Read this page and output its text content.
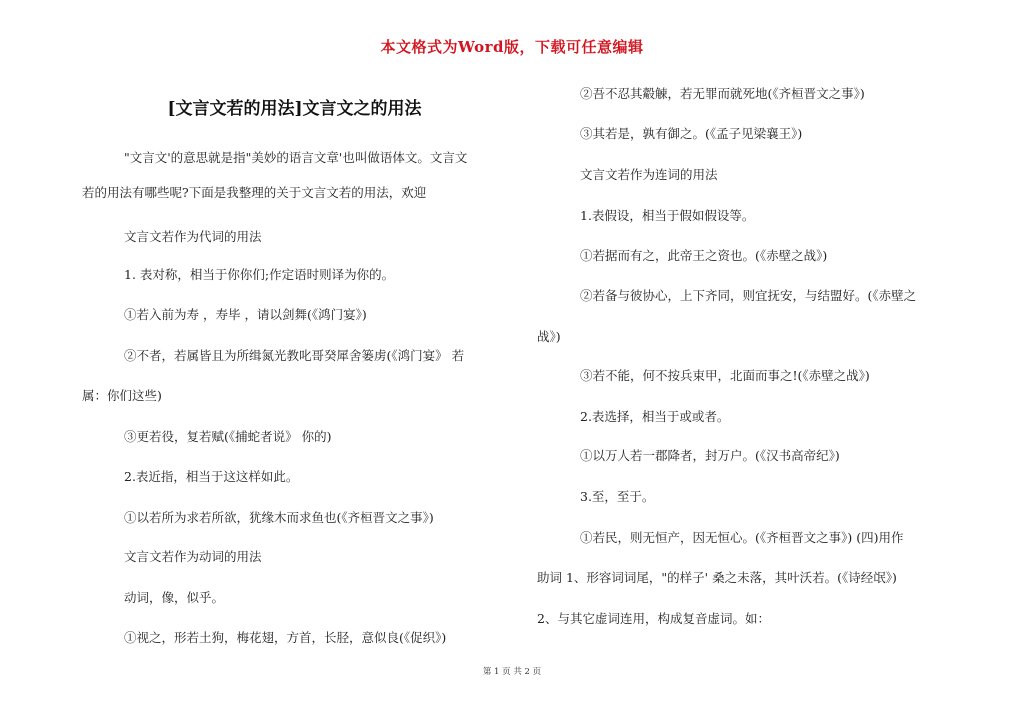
本文格式为Word版，下载可任意编辑
[文言文若的用法]文言文之的用法
"文言文'的意思就是指"美妙的语言文章'也叫做语体文。文言文
若的用法有哪些呢?下面是我整理的关于文言文若的用法，欢迎
文言文若作为代词的用法
1. 表对称，相当于你你们;作定语时则译为你的。
①若入前为寿 ，寿毕 ，请以剑舞(《鸿门宴》)
②不者，若属皆且为所缉氮光教叱哥癸犀舍篓虏(《鸿门宴》 若
属：你们这些)
③更若役，复若赋(《捕蛇者说》 你的)
2.表近指，相当于这这样如此。
①以若所为求若所欲，犹缘木而求鱼也(《齐桓晋文之事》)
文言文若作为动词的用法
动词，像，似乎。
①视之，形若土狗，梅花翅，方首，长胫，意似良(《促织》)
②吾不忍其觳觫，若无罪而就死地(《齐桓晋文之事》)
③其若是，孰有御之。(《孟子见梁襄王》)
文言文若作为连词的用法
1.表假设，相当于假如假设等。
①若据而有之，此帝王之资也。(《赤壁之战》)
②若备与彼协心，上下齐同，则宜抚安，与结盟好。(《赤壁之
战》)
③若不能，何不按兵束甲，北面而事之!(《赤壁之战》)
2.表选择，相当于或或者。
①以万人若一郡降者，封万户。(《汉书高帝纪》)
3.至，至于。
①若民，则无恒产，因无恒心。(《齐桓晋文之事》) (四)用作
助词 1、形容词词尾，"的样子' 桑之未落，其叶沃若。(《诗经氓》)
2、与其它虚词连用，构成复音虚词。如：
第 1 页 共 2 页
